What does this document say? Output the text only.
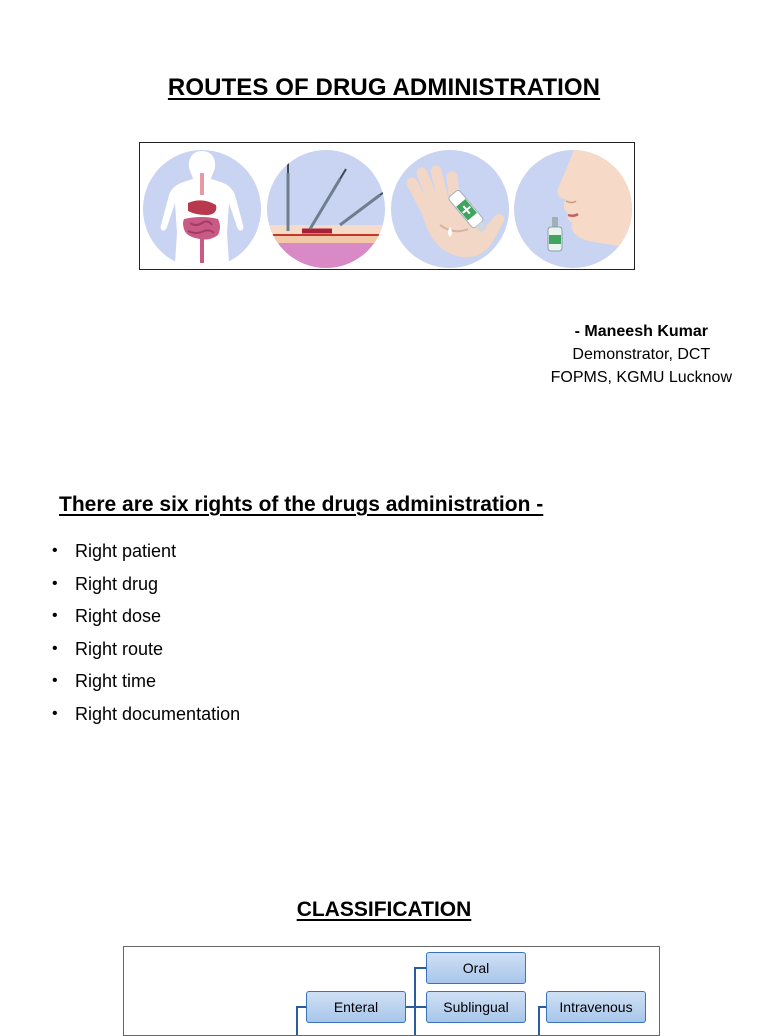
ROUTES OF DRUG ADMINISTRATION
- Maneesh Kumar
Demonstrator, DCT
FOPMS, KGMU Lucknow
There are six rights of the drugs administration -
• Right patient
• Right drug
• Right dose
• Right route
• Right time
• Right documentation
CLASSIFICATION
Oral
Enteral	Sublingual	Intravenous
